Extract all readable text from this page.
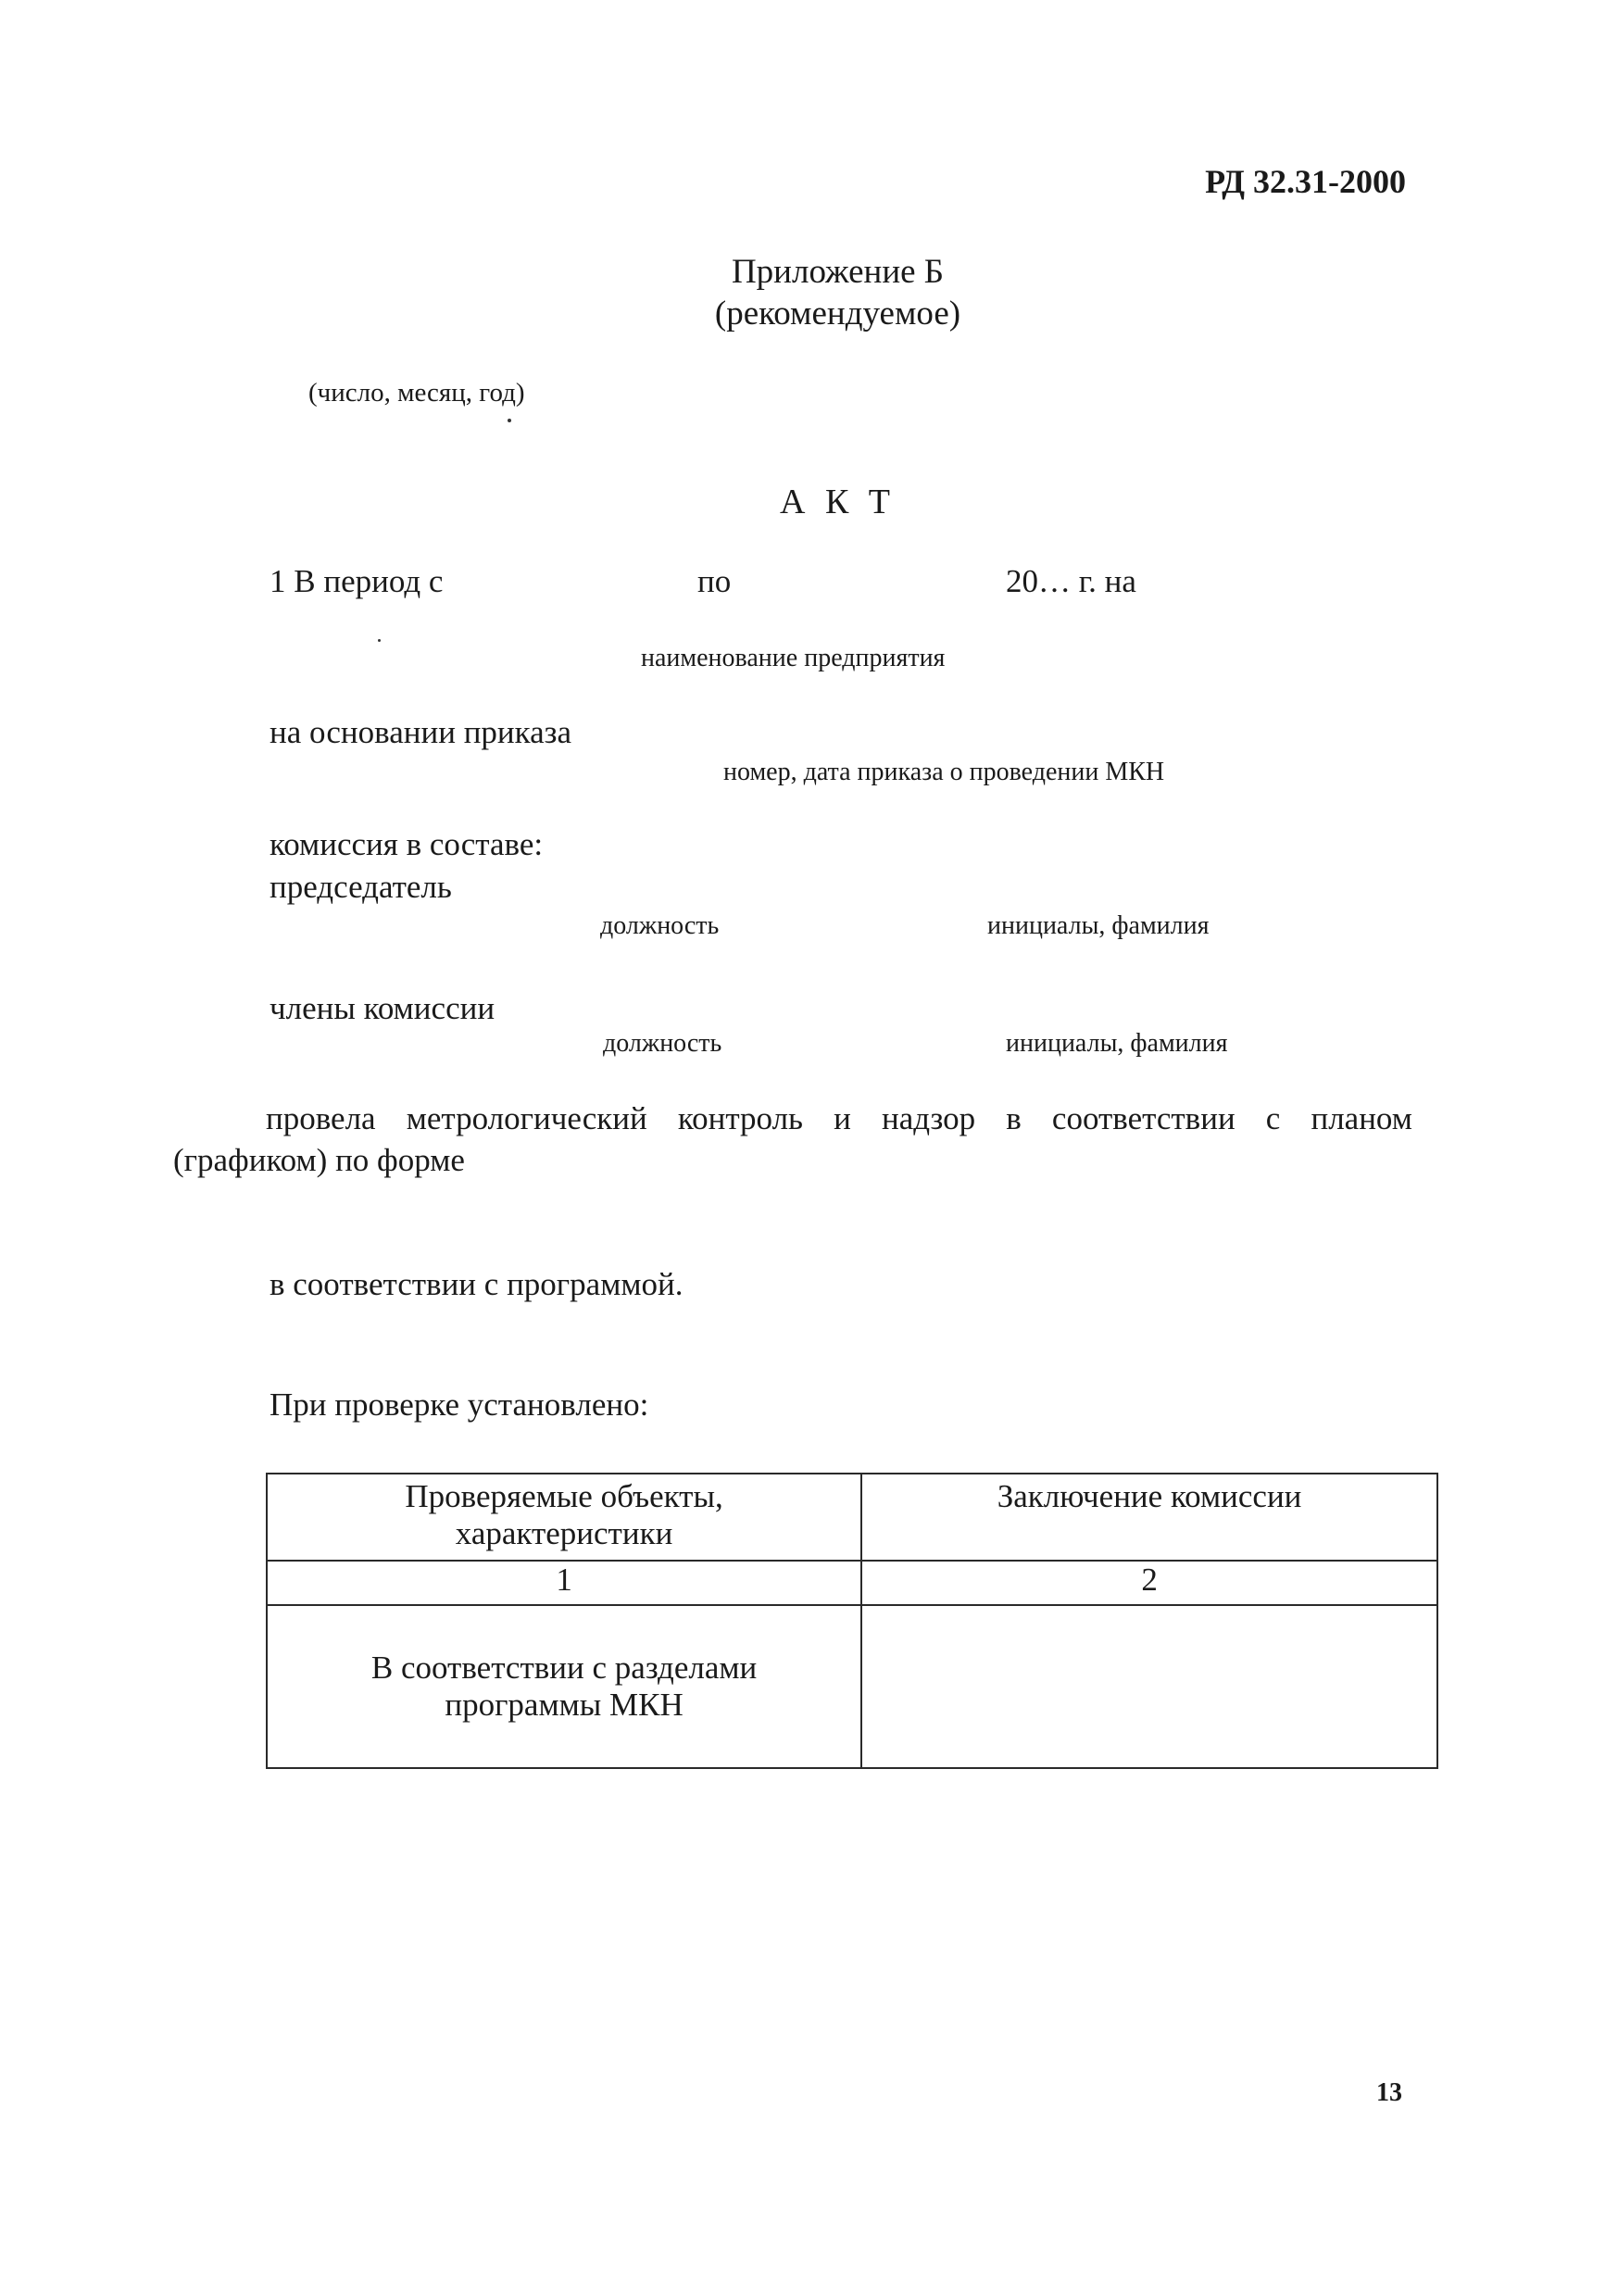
РД 32.31-2000
Приложение Б
(рекомендуемое)
(число, месяц, год)
А К Т
1 В период с	по	20… г. на
наименование предприятия
на основании приказа
номер, дата приказа о проведении МКН
комиссия в составе:
председатель
должность	инициалы, фамилия
члены комиссии
должность	инициалы, фамилия
провела метрологический контроль и надзор в соответствии с планом
(графиком) по форме
в соответствии с программой.
При проверке установлено:
Проверяемые объекты,
характеристики	Заключение комиссии

1	2

В соответствии с разделами
программы МКН	

13
